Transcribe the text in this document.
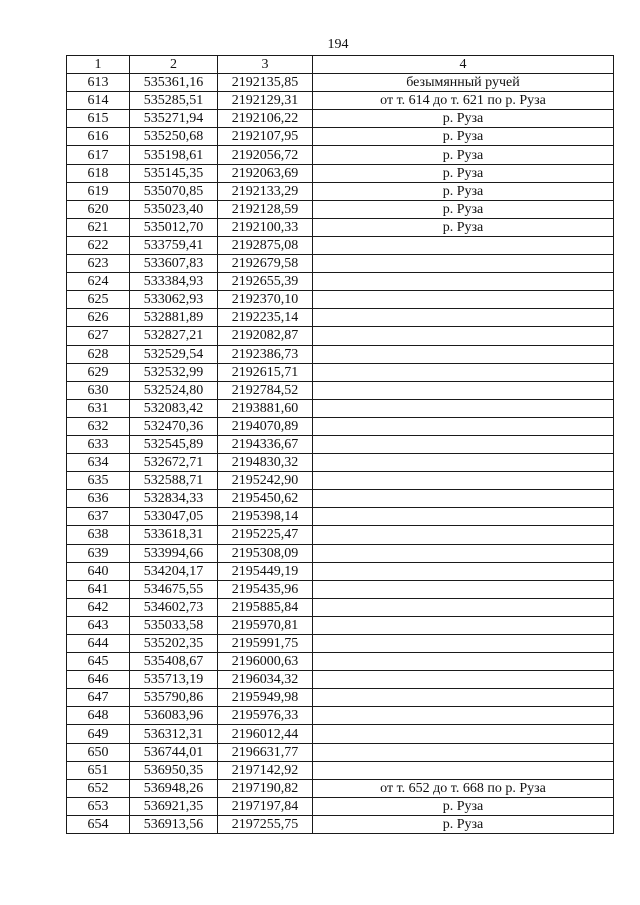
194
1	2	3	4
613	535361,16	2192135,85	безымянный ручей
614	535285,51	2192129,31	от т. 614 до т. 621 по р. Руза
615	535271,94	2192106,22	р. Руза
616	535250,68	2192107,95	р. Руза
617	535198,61	2192056,72	р. Руза
618	535145,35	2192063,69	р. Руза
619	535070,85	2192133,29	р. Руза
620	535023,40	2192128,59	р. Руза
621	535012,70	2192100,33	р. Руза
622	533759,41	2192875,08	
623	533607,83	2192679,58	
624	533384,93	2192655,39	
625	533062,93	2192370,10	
626	532881,89	2192235,14	
627	532827,21	2192082,87	
628	532529,54	2192386,73	
629	532532,99	2192615,71	
630	532524,80	2192784,52	
631	532083,42	2193881,60	
632	532470,36	2194070,89	
633	532545,89	2194336,67	
634	532672,71	2194830,32	
635	532588,71	2195242,90	
636	532834,33	2195450,62	
637	533047,05	2195398,14	
638	533618,31	2195225,47	
639	533994,66	2195308,09	
640	534204,17	2195449,19	
641	534675,55	2195435,96	
642	534602,73	2195885,84	
643	535033,58	2195970,81	
644	535202,35	2195991,75	
645	535408,67	2196000,63	
646	535713,19	2196034,32	
647	535790,86	2195949,98	
648	536083,96	2195976,33	
649	536312,31	2196012,44	
650	536744,01	2196631,77	
651	536950,35	2197142,92	
652	536948,26	2197190,82	от т. 652 до т. 668 по р. Руза
653	536921,35	2197197,84	р. Руза
654	536913,56	2197255,75	р. Руза
